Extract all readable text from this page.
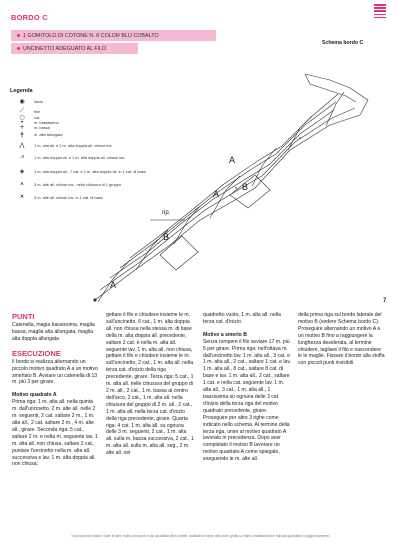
BORDO C
1 GOMITOLO DI COTONE N. 8 COLOR BLU COBALTO
UNCINETTO ADEGUATO AL FILO
Schema bordo C
Legenda
◉	inizio
⟋	fine
○	cat.
•	m. bassissima
+	m. bassa
ǂ	m. alta allungata
⋀	1 m. alta all. e 1 m. alta doppia all. chiuse ins.
⩘	1 m. alta doppia all. e 1 m. alta doppia all. chiuse ins.
◈	1 m. alta doppia all., 7 cat. e 1 m. alta doppia all. in 1 cat. di base
⩚	3 m. alte all. chiuse ins., nella chiusura di 1 gruppo
⩙	3 m. alte all. chiuse ins. in 1 cat. di base
A
B
A
B
A
rip.
7
PUNTI
Catenella, magia bassissima, maglia bassa, maglia alta allungata, maglia alta doppia allungata
ESECUZIONE
Il bordo si realizza alternando un piccolo motivo quadrato A a un motivo smerlato B. Avviare un catenella di 13 m. più 3 per girare.
Motivo quadrato A
Prima riga: 1 m. alta all. nella quinta m. dall'uncinetto, 2 m. alte all. nelle 2 m. seguenti, 2 cat. saltare 2 m., 1 m. alta all., 2 cat. saltare 2 m., 4 m. alte all., girare. Seconda riga: 5 cat., saltare 2 m. e nella m. seguente lav. 1 m. alta all. non chiusa, saltare 2 cat., puntare l'uncinetto nella m. alta all. successiva e lav. 1 m. alta doppia all. non chiusa,
gettare il filo e chiudere insieme le m. sull'uncinetto, 6 cat., 1 m. alta doppia all. non chiusa nella stessa m. di base della m. alta doppia all. precedente, saltare 2 cat. e nella m. alta all. seguente lav. 1 m. alta all. non chiusa, gettare il filo e chiudere insieme le m. sull'uncinetto, 2 cat., 1 m. alta all. nella terza cat. d'inizio della riga precedente, girare. Terza riga: 5 cat., 1 m. alta all. nelle chiusura del gruppo di 2 m. all., 2 cat., 1 m. bassa al centro dell'arco, 2 cat., 1 m. alta all. nella chiusura del gruppo di 2 m. all., 2 cat., 1 m. alta all. nella terza cat. d'inizio della riga precedente, girare. Quarta riga: 4 cat. 1 m. alta all. su ognuna delle 3 m. seguenti, 2 cat., 1 m. alta all. sulla m. bassa successiva, 2 cat., 1 m. alta all. sulla m. alta all. seg., 2 m. alte all. nel
quadretto vuoto, 1 m. alta all. nella terza cat. d'inizio.
Motivo a smerlo B
Senza rompere il filo avviare 17 m. più 5 per girare. Prima riga: nell'ottava m. dall'uncinetto lav. 1 m. alta all., 3 cat. e 1 m. alta all., 2 cat., saltare 1 cat. e lav. 1 m. alta all., 8 cat., saltare 8 cat. di base e lav. 1 m. alta all., 2 cat., saltare 1 cat. e nella cat. seguente lav. 1 m. alta all., 3 cat., 1 m. alta all., 1 bassissima su ognuna delle 3 cat. d'inizio della terza riga del motivo quadrato precedente, girare. Proseguire per altre 3 righe come indicato nello schema. Al termine della terza riga, unire al motivo quadrato A lavorato in precedenza. Dopo aver completato il motivo B lavorare un motivo quadrato A come spiegato, eseguendo le m. alte all.
della prima riga sul bordo laterale del motivo B (vedere Schema bordo C). Proseguire alternando un motivo A a un motivo B fino a raggiungere la lunghezza desiderata, al termine chiudere, tagliare il filo e nascondere le le maglie. Fissare il bordo alla stoffa con piccoli punti invisibili.
Trova questa rivista e tutte le altre molto prima,ed in più quotidiani,libri,fumetti, audiolibri,e tanto altro,tutto gratis,su https://eurekaddl.live edicola quotidiani in aggiornamento
